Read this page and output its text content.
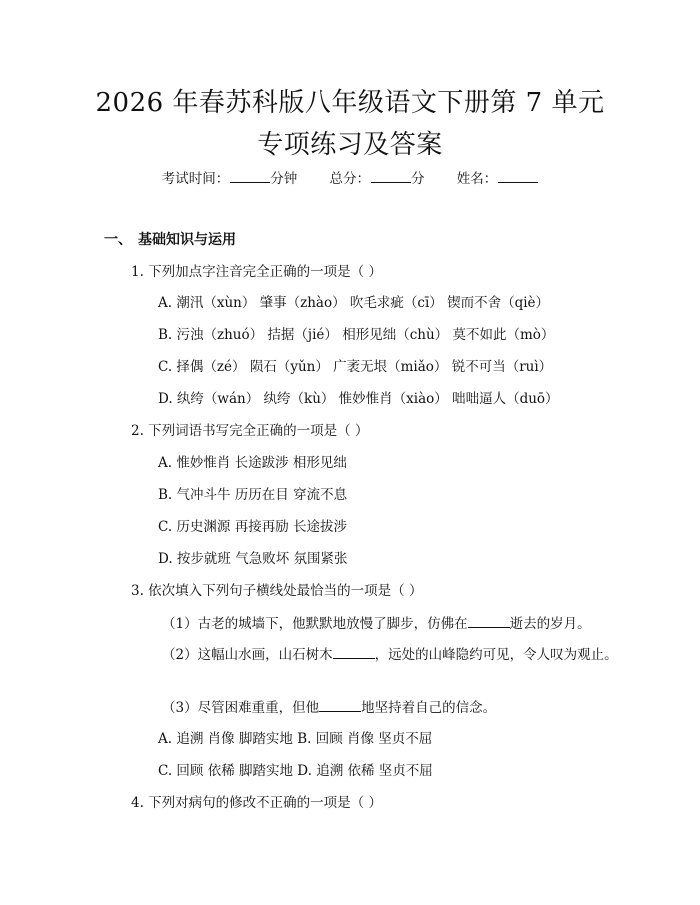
2026 年春苏科版八年级语文下册第 7 单元专项练习及答案
考试时间：	分钟 总分：	分 姓名：
一、 基础知识与运用
1. 下列加点字注音完全正确的一项是（ ）
A. 潮汛（xùn） 肇事（zhào） 吹毛求疵（cī） 锲而不舍（qiè）
B. 污浊（zhuó） 拮据（jié） 相形见绌（chù） 莫不如此（mò）
C. 择偶（zé） 陨石（yǔn） 广袤无垠（miǎo） 锐不可当（ruì）
D. 纨绔（wán） 纨绔（kù） 惟妙惟肖（xiào） 咄咄逼人（duō）
2. 下列词语书写完全正确的一项是（ ）
A. 惟妙惟肖 长途跋涉 相形见绌
B. 气冲斗牛 历历在目 穿流不息
C. 历史渊源 再接再励 长途拔涉
D. 按步就班 气急败坏 氛围紧张
3. 依次填入下列句子横线处最恰当的一项是（ ）
（1）古老的城墙下，他默默地放慢了脚步，仿佛在	逝去的岁月。
（2）这幅山水画，山石树木	，远处的山峰隐约可见，令人叹为观止。
（3）尽管困难重重，但他	地坚持着自己的信念。
A. 追溯 肖像 脚踏实地 B. 回顾 肖像 坚贞不屈
C. 回顾 依稀 脚踏实地 D. 追溯 依稀 坚贞不屈
4. 下列对病句的修改不正确的一项是（ ）
